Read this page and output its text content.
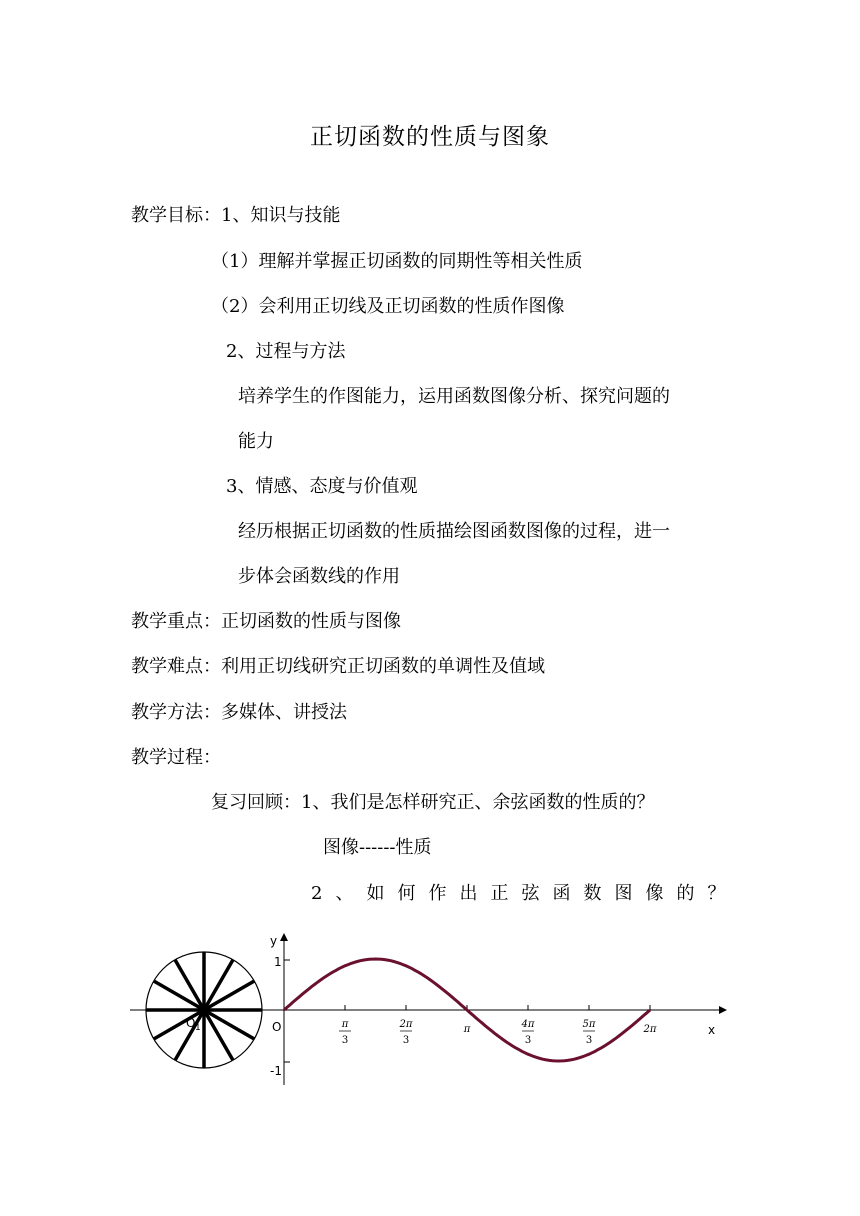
正切函数的性质与图象
教学目标：1、知识与技能
（1）理解并掌握正切函数的同期性等相关性质
（2）会利用正切线及正切函数的性质作图像
2、过程与方法
培养学生的作图能力，运用函数图像分析、探究问题的
能力
3、情感、态度与价值观
经历根据正切函数的性质描绘图函数图像的过程，进一
步体会函数线的作用
教学重点：正切函数的性质与图像
教学难点：利用正切线研究正切函数的单调性及值域
教学方法：多媒体、讲授法
教学过程：
复习回顾：1、我们是怎样研究正、余弦函数的性质的？
图像------性质
2、如何作出正弦函数图像的？
O 1
y
x
O
1
-1
π
3
2π
3
π	4π
3
5π
3
2π
